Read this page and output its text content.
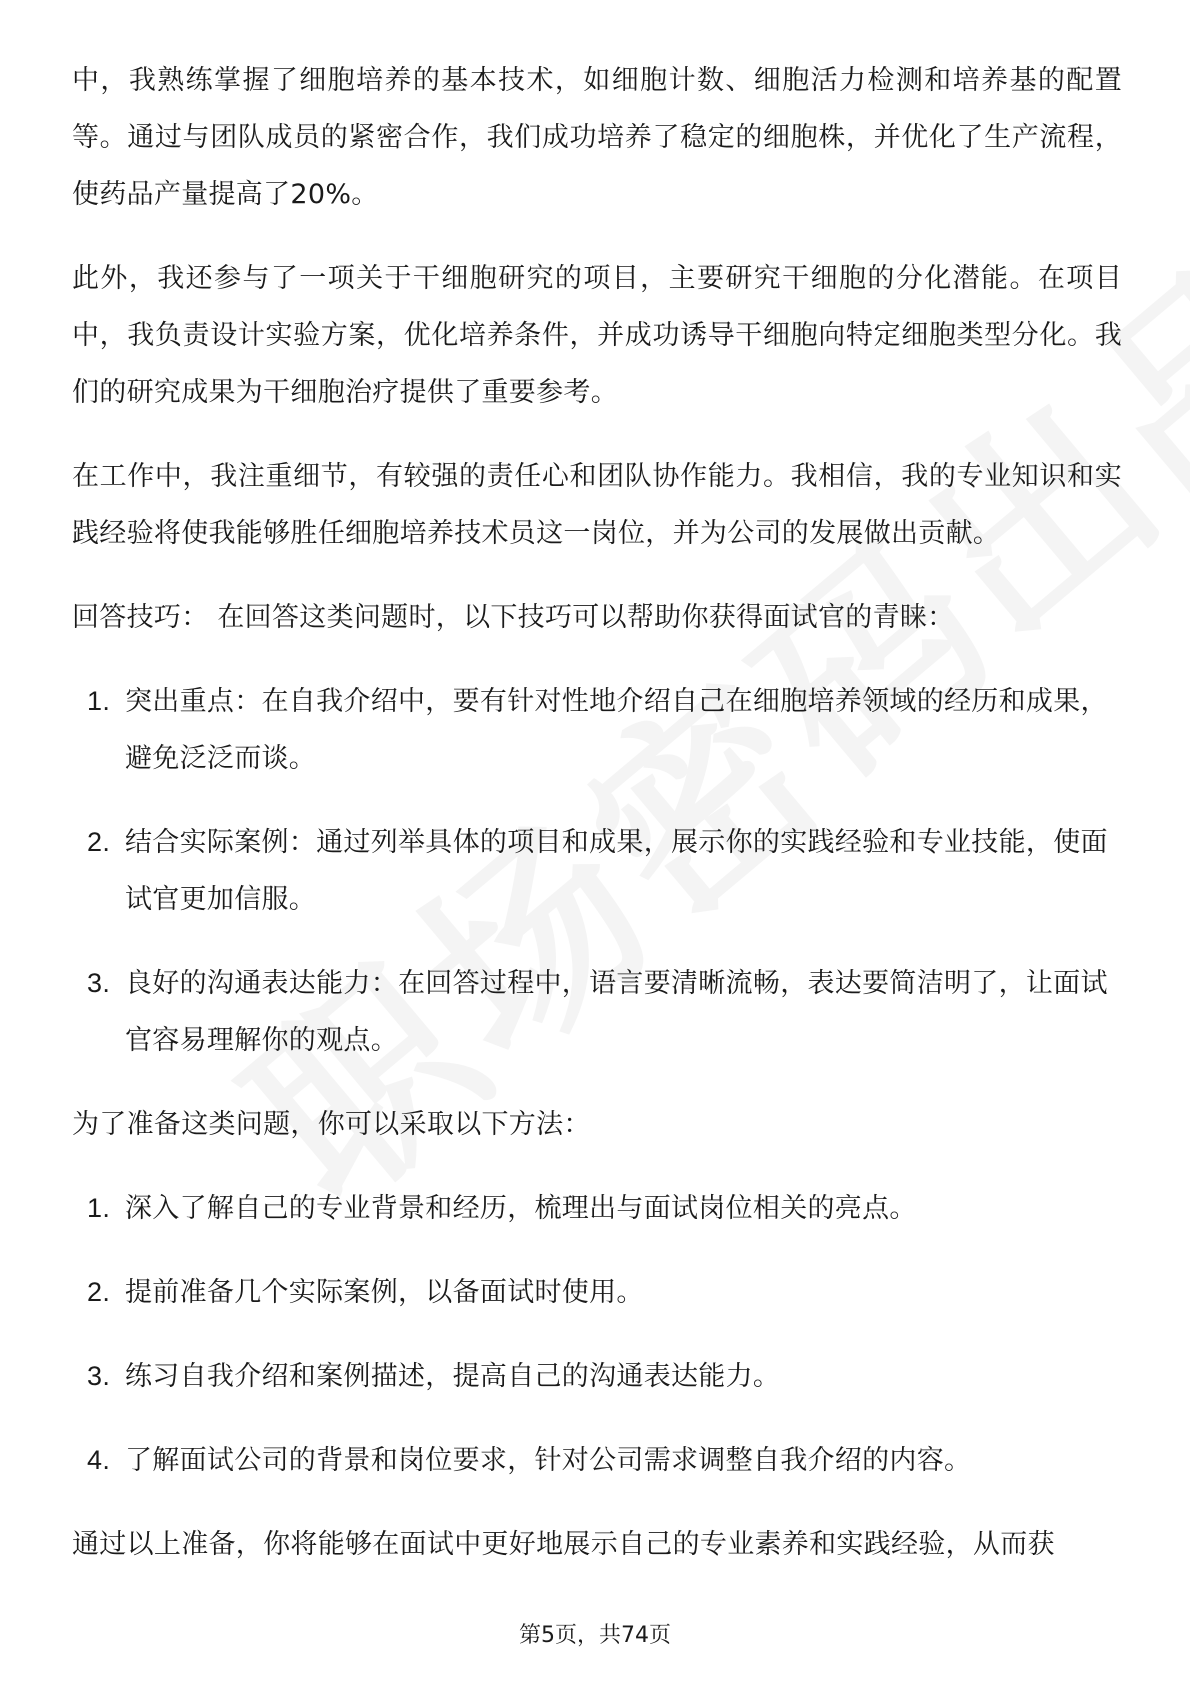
中，我熟练掌握了细胞培养的基本技术，如细胞计数、细胞活力检测和培养基的配置等。通过与团队成员的紧密合作，我们成功培养了稳定的细胞株，并优化了生产流程，使药品产量提高了20%。

此外，我还参与了一项关于干细胞研究的项目，主要研究干细胞的分化潜能。在项目中，我负责设计实验方案，优化培养条件，并成功诱导干细胞向特定细胞类型分化。我们的研究成果为干细胞治疗提供了重要参考。

在工作中，我注重细节，有较强的责任心和团队协作能力。我相信，我的专业知识和实践经验将使我能够胜任细胞培养技术员这一岗位，并为公司的发展做出贡献。

回答技巧： 在回答这类问题时，以下技巧可以帮助你获得面试官的青睐：

1. 突出重点：在自我介绍中，要有针对性地介绍自己在细胞培养领域的经历和成果，避免泛泛而谈。
2. 结合实际案例：通过列举具体的项目和成果，展示你的实践经验和专业技能，使面试官更加信服。
3. 良好的沟通表达能力：在回答过程中，语言要清晰流畅，表达要简洁明了，让面试官容易理解你的观点。

为了准备这类问题，你可以采取以下方法：

1. 深入了解自己的专业背景和经历，梳理出与面试岗位相关的亮点。
2. 提前准备几个实际案例，以备面试时使用。
3. 练习自我介绍和案例描述，提高自己的沟通表达能力。
4. 了解面试公司的背景和岗位要求，针对公司需求调整自我介绍的内容。

通过以上准备，你将能够在面试中更好地展示自己的专业素养和实践经验，从而获

第5页，共74页
